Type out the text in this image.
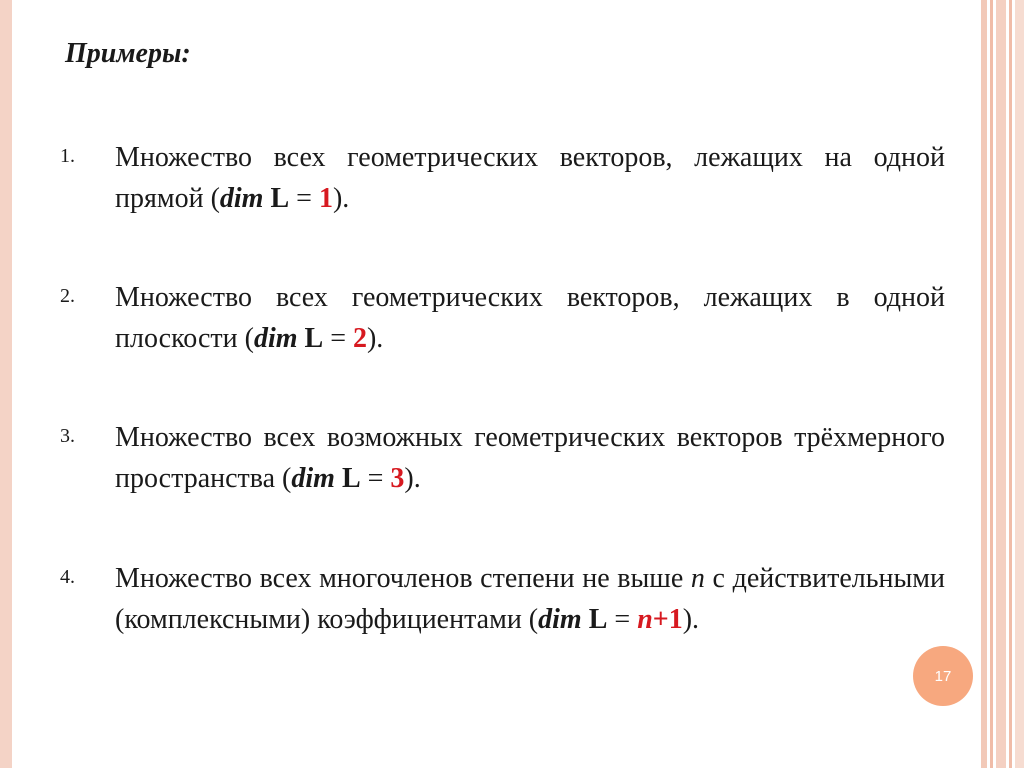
Примеры:
1. Множество всех геометрических векторов, лежащих на одной прямой (dim L = 1).
2. Множество всех геометрических векторов, лежащих в одной плоскости (dim L = 2).
3. Множество всех возможных геометрических векторов трёхмерного пространства (dim L = 3).
4. Множество всех многочленов степени не выше n с действительными (комплексными) коэффициентами (dim L = n+1).
17
